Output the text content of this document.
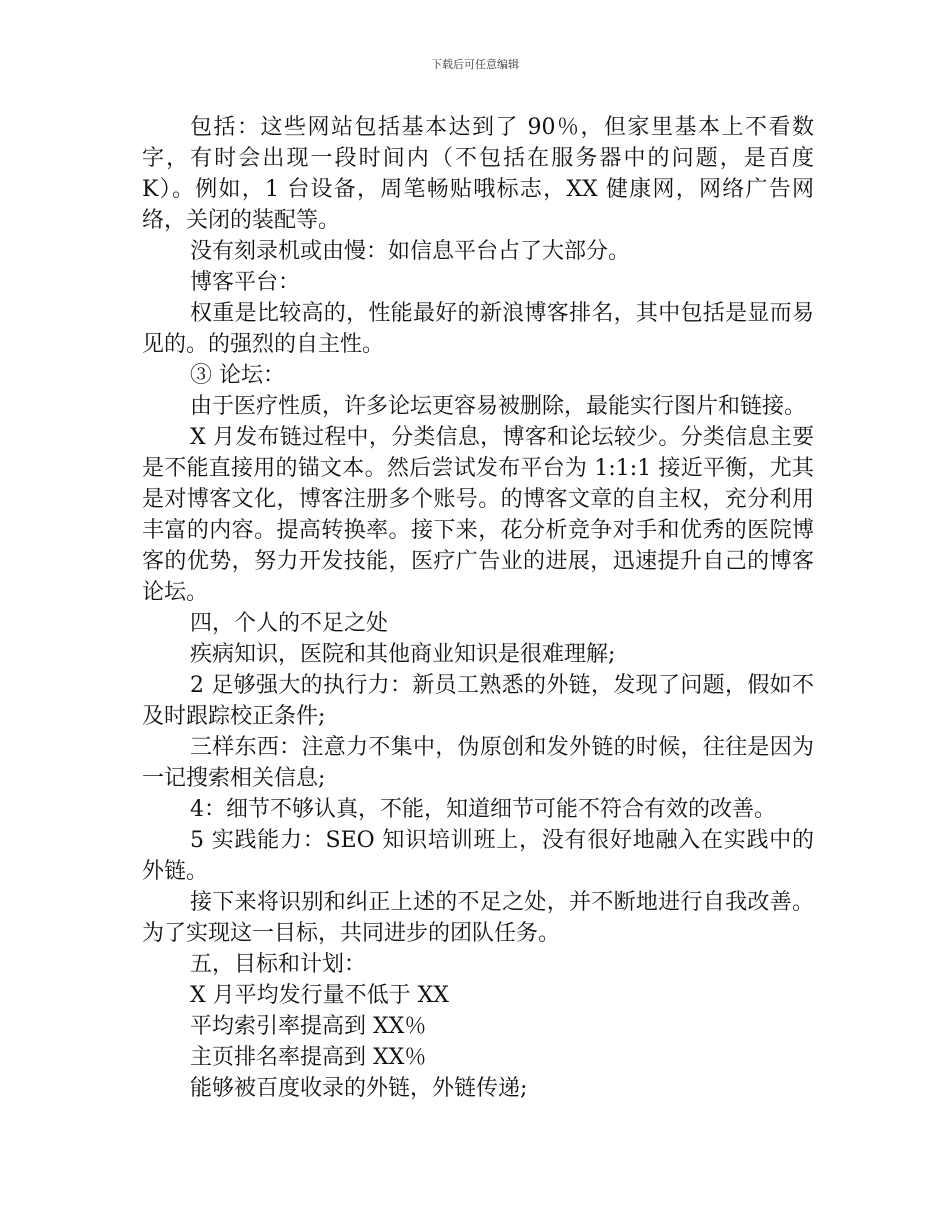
下载后可任意编辑

包括：这些网站包括基本达到了 90％，但家里基本上不看数字，有时会出现一段时间内（不包括在服务器中的问题，是百度 K）。例如，1 台设备，周笔畅贴哦标志，XX 健康网，网络广告网络，关闭的装配等。

没有刻录机或由慢：如信息平台占了大部分。

博客平台：

权重是比较高的，性能最好的新浪博客排名，其中包括是显而易见的。的强烈的自主性。

③ 论坛：

由于医疗性质，许多论坛更容易被删除，最能实行图片和链接。

X 月发布链过程中，分类信息，博客和论坛较少。分类信息主要是不能直接用的锚文本。然后尝试发布平台为 1:1:1 接近平衡，尤其是对博客文化，博客注册多个账号。的博客文章的自主权，充分利用丰富的内容。提高转换率。接下来，花分析竞争对手和优秀的医院博客的优势，努力开发技能，医疗广告业的进展，迅速提升自己的博客论坛。

四，个人的不足之处

疾病知识，医院和其他商业知识是很难理解;

2 足够强大的执行力：新员工熟悉的外链，发现了问题，假如不及时跟踪校正条件;

三样东西：注意力不集中，伪原创和发外链的时候，往往是因为一记搜索相关信息;

4：细节不够认真，不能，知道细节可能不符合有效的改善。

5 实践能力：SEO 知识培训班上，没有很好地融入在实践中的外链。

接下来将识别和纠正上述的不足之处，并不断地进行自我改善。为了实现这一目标，共同进步的团队任务。

五，目标和计划：

X 月平均发行量不低于 XX

平均索引率提高到 XX％

主页排名率提高到 XX％

能够被百度收录的外链，外链传递;
